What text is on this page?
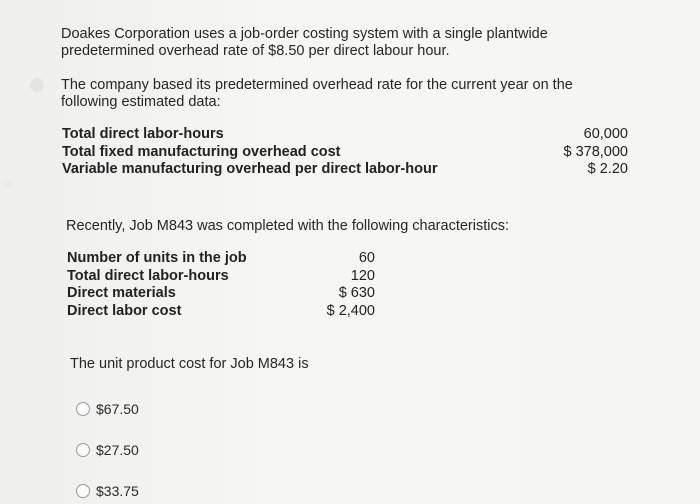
Doakes Corporation uses a job-order costing system with a single plantwide predetermined overhead rate of $8.50 per direct labour hour.
The company based its predetermined overhead rate for the current year on the following estimated data:
Total direct labor-hours
Total fixed manufacturing overhead cost
Variable manufacturing overhead per direct labor-hour
60,000
$ 378,000
$ 2.20
Recently, Job M843 was completed with the following characteristics:
Number of units in the job
Total direct labor-hours
Direct materials
Direct labor cost
60
120
$ 630
$ 2,400
The unit product cost for Job M843 is
$67.50
$27.50
$33.75
